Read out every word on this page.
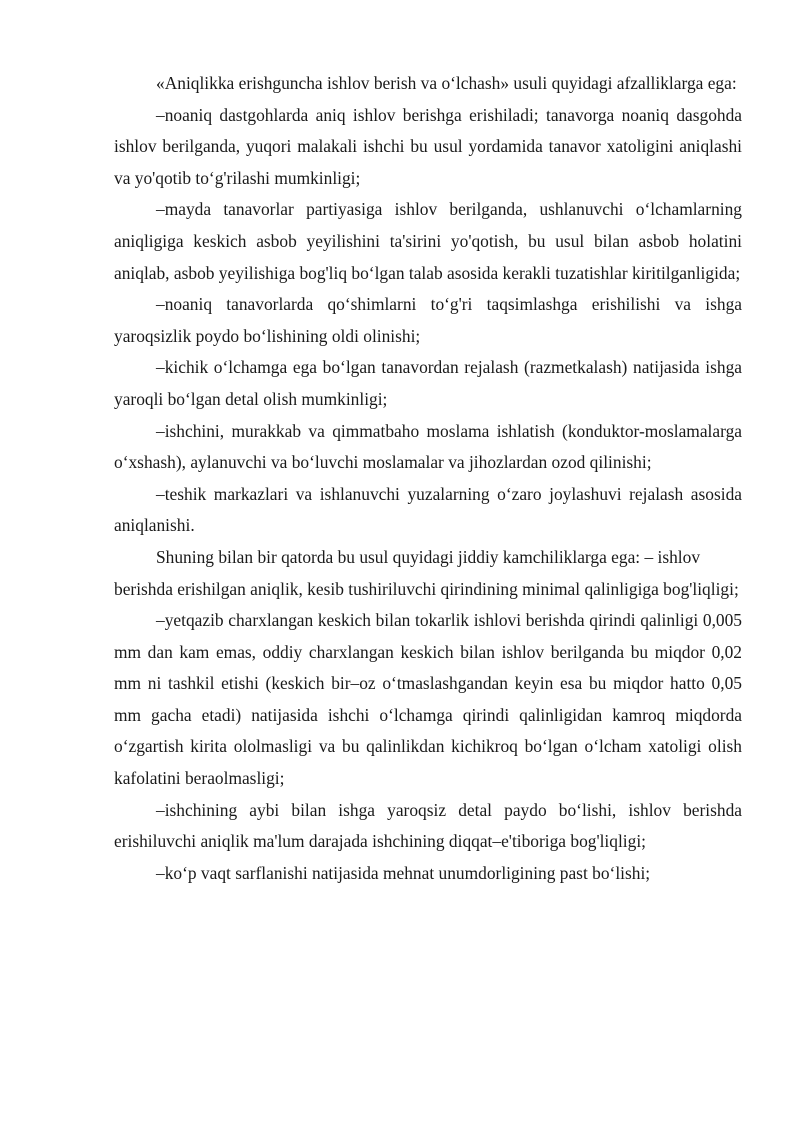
«Aniqlikka erishguncha ishlov berish va o‘lchash» usuli quyidagi afzalliklarga ega:

–noaniq dastgohlarda aniq ishlov berishga erishiladi; tanavorga noaniq dasgohda ishlov berilganda, yuqori malakali ishchi bu usul yordamida tanavor xatoligini aniqlashi va yo'qotib to‘g'rilashi mumkinligi;

–mayda tanavorlar partiyasiga ishlov berilganda, ushlanuvchi o‘lchamlarning aniqligiga keskich asbob yeyilishini ta'sirini yo'qotish, bu usul bilan asbob holatini aniqlab, asbob yeyilishiga bog'liq bo‘lgan talab asosida kerakli tuzatishlar kiritilganligida;

–noaniq tanavorlarda qo‘shimlarni to‘g'ri taqsimlashga erishilishi va ishga yaroqsizlik poydo bo‘lishining oldi olinishi;

–kichik o‘lchamga ega bo‘lgan tanavordan rejalash (razmetkalash) natijasida ishga yaroqli bo‘lgan detal olish mumkinligi;

–ishchini, murakkab va qimmatbaho moslama ishlatish (konduktor-moslamalarga o‘xshash), aylanuvchi va bo‘luvchi moslamalar va jihozlardan ozod qilinishi;

–teshik markazlari va ishlanuvchi yuzalarning o‘zaro joylashuvi rejalash asosida aniqlanishi.

Shuning bilan bir qatorda bu usul quyidagi jiddiy kamchiliklarga ega: – ishlov berishda erishilgan aniqlik, kesib tushiriluvchi qirindining minimal qalinligiga bog'liqligi;

–yetqazib charxlangan keskich bilan tokarlik ishlovi berishda qirindi qalinligi 0,005 mm dan kam emas, oddiy charxlangan keskich bilan ishlov berilganda bu miqdor 0,02 mm ni tashkil etishi (keskich bir–oz o‘tmaslashgandan keyin esa bu miqdor hatto 0,05 mm gacha etadi) natijasida ishchi o‘lchamga qirindi qalinligidan kamroq miqdorda o‘zgartish kirita ololmasligi va bu qalinlikdan kichikroq bo‘lgan o‘lcham xatoligi olish kafolatini beraolmasligi;

–ishchining aybi bilan ishga yaroqsiz detal paydo bo‘lishi, ishlov berishda erishiluvchi aniqlik ma'lum darajada ishchining diqqat–e'tiboriga bog'liqligi;

–ko‘p vaqt sarflanishi natijasida mehnat unumdorligining past bo‘lishi;
